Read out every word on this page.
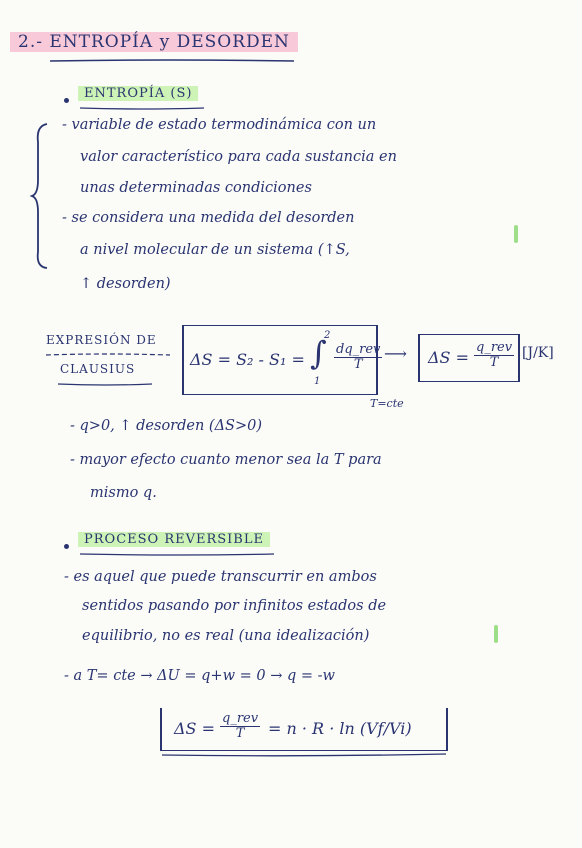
2.- ENTROPÍA y DESORDEN
ENTROPÍA (S)
- variable de estado termodinámica con un
valor característico para cada sustancia en
unas determinadas condiciones
- se considera una medida del desorden
a nivel molecular de un sistema (↑S,
↑ desorden)
EXPRESIÓN DE
CLAUSIUS	ΔS = S₂ - S₁ = ∫
2
1
$\frac{\text{dq\_rev}}{T}$ ⟶ $\Delta S = \frac{\text{q\_rev}}{T} [J/K]$
T=cte
- q>0, ↑ desorden (ΔS>0)
- mayor efecto cuanto menor sea la T para
mismo q.
PROCESO REVERSIBLE
- es aquel que puede transcurrir en ambos
sentidos pasando por infinitos estados de
equilibrio, no es real (una idealización)
- a T= cte → ΔU = q+w = 0 → q = -w
$\Delta S = \frac{\text{q\_rev}}{T} = n \cdot R \cdot \ln (Vf/Vi)$
